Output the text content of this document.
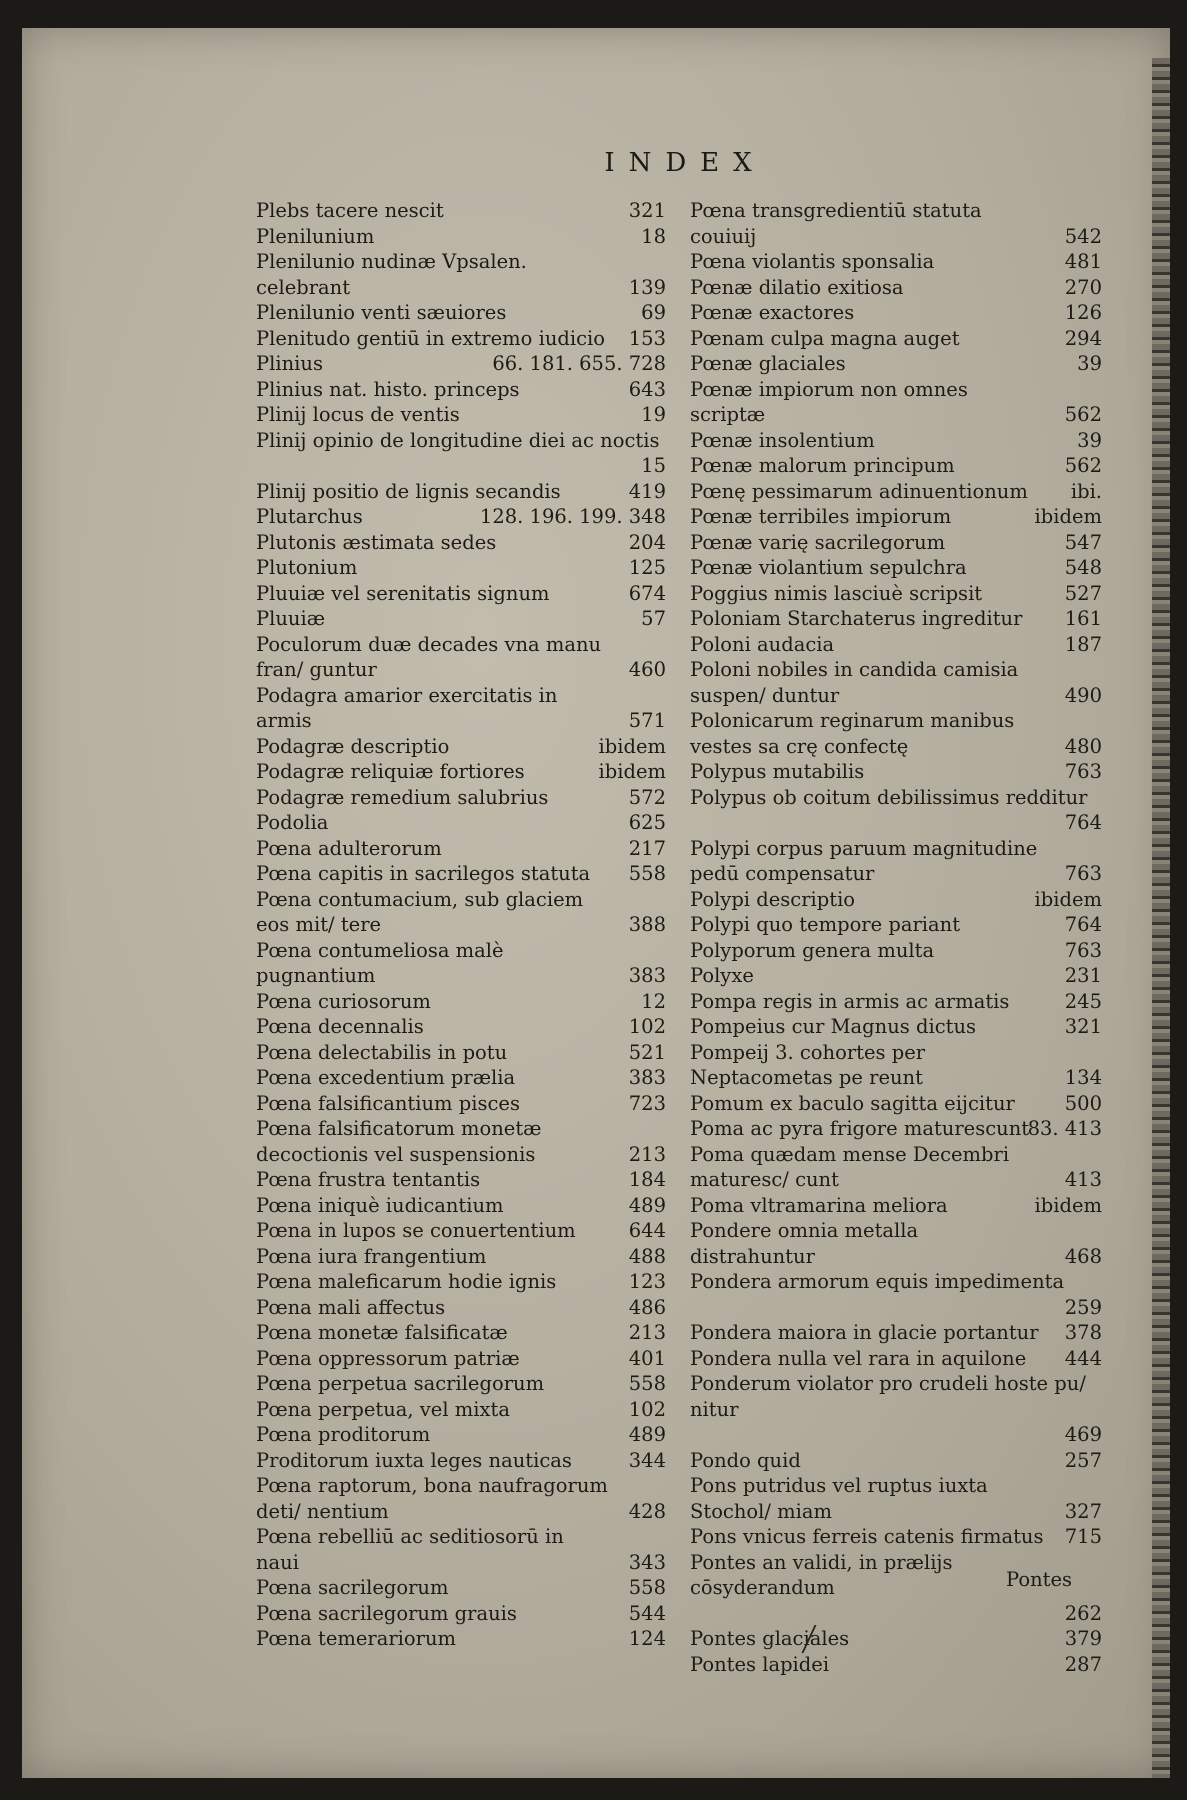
INDEX
Plebs tacere nescit	321
Plenilunium	18
Plenilunio nudinæ Vpsalen. celebrant	139
Plenilunio venti sæuiores	69
Plenitudo gentiū in extremo iudicio 153
Plinius	66. 181. 655. 728
Plinius nat. histo. princeps	643
Plinij locus de ventis	19
Plinij opinio de longitudine diei ac noctis
15
Plinij positio de lignis secandis	419
Plutarchus	128. 196. 199. 348
Plutonis æstimata sedes	204
Plutonium	125
Pluuiæ vel serenitatis signum	674
Pluuiæ	57
Poculorum duæ decades vna manu fran/ guntur	460
Podagra amarior exercitatis in armis	571
Podagræ descriptio	ibidem
Podagræ reliquiæ fortiores	ibidem
Podagræ remedium salubrius	572
Podolia	625
Pœna adulterorum	217
Pœna capitis in sacrilegos statuta	558
Pœna contumacium, sub glaciem eos mit/ tere	388
Pœna contumeliosa malè pugnantium	383
Pœna curiosorum	12
Pœna decennalis	102
Pœna delectabilis in potu	521
Pœna excedentium prælia	383
Pœna falsificantium pisces	723
Pœna falsificatorum monetæ decoctionis vel suspensionis	213
Pœna frustra tentantis	184
Pœna iniquè iudicantium	489
Pœna in lupos se conuertentium	644
Pœna iura frangentium	488
Pœna maleficarum hodie ignis	123
Pœna mali affectus	486
Pœna monetæ falsificatæ	213
Pœna oppressorum patriæ	401
Pœna perpetua sacrilegorum	558
Pœna perpetua, vel mixta	102
Pœna proditorum	489
Proditorum iuxta leges nauticas	344
Pœna raptorum, bona naufragorum deti/ nentium	428
Pœna rebelliū ac seditiosorū in naui	343
Pœna sacrilegorum	558
Pœna sacrilegorum grauis	544
Pœna temerariorum	124
Pœna transgredientiū statuta couiuij	542
Pœna violantis sponsalia	481
Pœnæ dilatio exitiosa	270
Pœnæ exactores	126
Pœnam culpa magna auget	294
Pœnæ glaciales	39
Pœnæ impiorum non omnes scriptæ	562
Pœnæ insolentium	39
Pœnæ malorum principum	562
Pœnę pessimarum adinuentionum	ibi.
Pœnæ terribiles impiorum	ibidem
Pœnæ varię sacrilegorum	547
Pœnæ violantium sepulchra	548
Poggius nimis lasciuè scripsit	527
Poloniam Starchaterus ingreditur	161
Poloni audacia	187
Poloni nobiles in candida camisia suspen/ duntur	490
Polonicarum reginarum manibus vestes sa crę confectę	480
Polypus mutabilis	763
Polypus ob coitum debilissimus redditur
764
Polypi corpus paruum magnitudine pedū compensatur	763
Polypi descriptio	ibidem
Polypi quo tempore pariant	764
Polyporum genera multa	763
Polyxe	231
Pompa regis in armis ac armatis	245
Pompeius cur Magnus dictus	321
Pompeij 3. cohortes per Neptacometas pe reunt	134
Pomum ex baculo sagitta eijcitur	500
Poma ac pyra frigore maturescunt
83. 413
Poma quædam mense Decembri maturesc/ cunt	413
Poma vltramarina meliora	ibidem
Pondere omnia metalla distrahuntur	468
Pondera armorum equis impedimenta
259
Pondera maiora in glacie portantur 378
Pondera nulla vel rara in aquilone	444
Ponderum violator pro crudeli hoste pu/ nitur
469
Pondo quid	257
Pons putridus vel ruptus iuxta Stochol/ miam	327
Pons vnicus ferreis catenis firmatus 715
Pontes an validi, in prælijs cōsyderandum
262
Pontes glaciales	379
Pontes lapidei	287
Pontes
